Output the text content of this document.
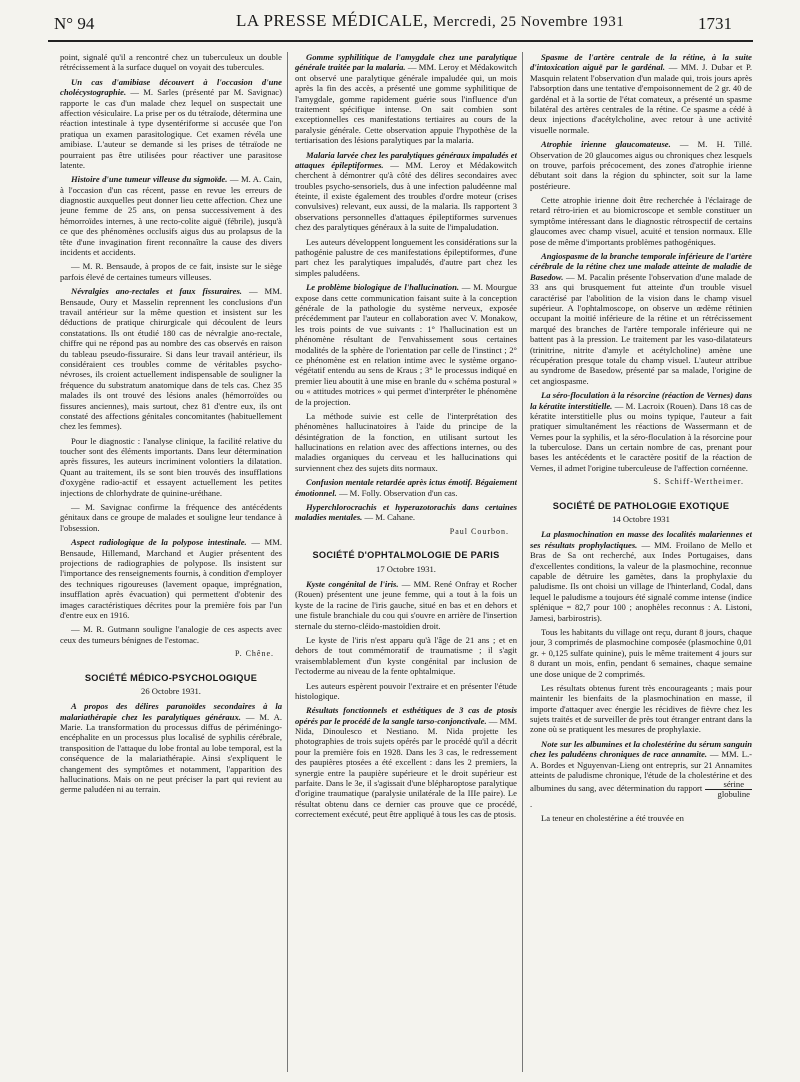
N° 94	LA PRESSE MÉDICALE, Mercredi, 25 Novembre 1931	1731

point, signalé qu'il a rencontré chez un tuberculeux un double rétrécissement à la surface duquel on voyait des tubercules.

Un cas d'amibiase découvert à l'occasion d'une cholécystographie. — M. Sarles (présenté par M. Savignac) rapporte le cas d'un malade chez lequel on suspectait une affection vésiculaire. La prise per os du tétraïode, détermina une réaction intestinale à type dysentériforme si accusée que l'on pratiqua un examen parasitologique. Cet examen révéla une amibiase. L'auteur se demande si les prises de tétraïode ne pourraient pas être utilisées pour réactiver une parasitose latente.

Histoire d'une tumeur villeuse du sigmoïde. — M. A. Cain, à l'occasion d'un cas récent, passe en revue les erreurs de diagnostic auxquelles peut donner lieu cette affection. Chez une jeune femme de 25 ans, on pensa successivement à des hémorroïdes internes, à une recto-colite aiguë (fébrile), jusqu'à ce que des phénomènes occlusifs aigus dus au prolapsus de la tête d'une invagination firent reconnaître la cause des divers incidents et accidents.

— M. R. Bensaude, à propos de ce fait, insiste sur le siège parfois élevé de certaines tumeurs villeuses.

Névralgies ano-rectales et faux fissuraires. — MM. Bensaude, Oury et Masselin reprennent les conclusions d'un travail antérieur sur la même question et insistent sur les déductions de pratique chirurgicale qui découlent de leurs constatations. Ils ont étudié 180 cas de névralgie ano-rectale, chiffre qui ne répond pas au nombre des cas observés en raison du tableau pseudo-fissuraire. Si dans leur travail antérieur, ils considéraient ces troubles comme de véritables psycho-névroses, ils croient actuellement indispensable de souligner la fréquence du substratum anatomique dans de tels cas. Chez 35 malades ils ont trouvé des lésions anales (hémorroïdes ou fissures anciennes), mais surtout, chez 81 d'entre eux, ils ont constaté des affections génitales concomitantes (habituellement chez les femmes).

Pour le diagnostic : l'analyse clinique, la facilité relative du toucher sont des éléments importants. Dans leur détermination après fissures, les auteurs incriminent volontiers la dilatation. Quant au traitement, ils se sont bien trouvés des insufflations d'oxygène radio-actif et essayent actuellement les petites injections de chlorhydrate de quinine-uréthane.

— M. Savignac confirme la fréquence des antécédents génitaux dans ce groupe de malades et souligne leur tendance à l'obsession.

Aspect radiologique de la polypose intestinale. — MM. Bensaude, Hillemand, Marchand et Augier présentent des projections de radiographies de polypose. Ils insistent sur l'importance des renseignements fournis, à condition d'employer des techniques rigoureuses (lavement opaque, imprégnation, insufflation après évacuation) qui permettent d'obtenir des images caractéristiques décrites pour la première fois par l'un d'entre eux en 1916.

— M. R. Gutmann souligne l'analogie de ces aspects avec ceux des tumeurs bénignes de l'estomac.

P. Chêne.
SOCIÉTÉ MÉDICO-PSYCHOLOGIQUE
26 Octobre 1931.

A propos des délires paranoïdes secondaires à la malariathérapie chez les paralytiques généraux. — M. A. Marie. La transformation du processus diffus de périméningo-encéphalite en un processus plus localisé de syphilis cérébrale, transposition de l'attaque du lobe frontal au lobe temporal, est la conséquence de la malariathérapie. Ainsi s'expliquent le changement des symptômes et notamment, l'apparition des hallucinations. Mais on ne peut préciser la part qui revient au germe paludéen ni au terrain.

Gomme syphilitique de l'amygdale chez une paralytique générale traitée par la malaria. — MM. Leroy et Médakowitch ont observé une paralytique générale impaludée qui, un mois après la fin des accès, a présenté une gomme syphilitique de l'amygdale, gomme rapidement guérie sous l'influence d'un traitement spécifique intense. On sait combien sont exceptionnelles ces manifestations tertiaires au cours de la paralysie générale. Cette observation appuie l'hypothèse de la tertiarisation des lésions paralytiques par la malaria.

Malaria larvée chez les paralytiques généraux impaludés et attaques épileptiformes. — MM. Leroy et Médakowitch cherchent à démontrer qu'à côté des délires secondaires avec troubles psycho-sensoriels, dus à une infection paludéenne mal éteinte, il existe également des troubles d'ordre moteur (crises convulsives) relevant, eux aussi, de la malaria. Ils rapportent 3 observations personnelles d'attaques épileptiformes survenues chez des paralytiques généraux à la suite de l'impaludation.

Les auteurs développent longuement les considérations sur la pathogénie palustre de ces manifestations épileptiformes, d'une part chez les paralytiques impaludés, d'autre part chez les simples paludéens.

Le problème biologique de l'hallucination. — M. Mourgue expose dans cette communication faisant suite à la conception générale de la pathologie du système nerveux, exposée précédemment par l'auteur en collaboration avec V. Monakow, les trois points de vue suivants : 1° l'hallucination est un phénomène résultant de l'envahissement sous certaines modalités de la sphère de l'orientation par celle de l'instinct ; 2° ce phénomène est en relation intime avec le système organo-végétatif entendu au sens de Kraus ; 3° le processus indiqué en premier lieu aboutit à une mise en branle du « schéma postural » ou « attitudes motrices » qui permet d'interpréter le phénomène de la projection.

La méthode suivie est celle de l'interprétation des phénomènes hallucinatoires à l'aide du principe de la désintégration de la fonction, en utilisant surtout les hallucinations en relation avec des affections internes, ou des maladies organiques du cerveau et les hallucinations qui surviennent chez des sujets dits normaux.

Confusion mentale retardée après ictus émotif. Bégaiement émotionnel. — M. Folly. Observation d'un cas.

Hyperchlorocrachis et hyperazotorachis dans certaines maladies mentales. — M. Cahane.

Paul Courbon.
SOCIÉTÉ D'OPHTALMOLOGIE DE PARIS
17 Octobre 1931.

Kyste congénital de l'iris. — MM. René Onfray et Rocher (Rouen) présentent une jeune femme, qui a tout à la fois un kyste de la racine de l'iris gauche, situé en bas et en dehors et une fistule branchiale du cou qui s'ouvre en arrière de l'insertion sternale du sterno-cléido-mastoïdien droit.

Le kyste de l'iris n'est apparu qu'à l'âge de 21 ans ; et en dehors de tout commémoratif de traumatisme ; il s'agit vraisemblablement d'un kyste congénital par inclusion de l'ectoderme au niveau de la fente ophtalmique.

Les auteurs espèrent pouvoir l'extraire et en présenter l'étude histologique.

Résultats fonctionnels et esthétiques de 3 cas de ptosis opérés par le procédé de la sangle tarso-conjonctivale. — MM. Nida, Dinoulesco et Nestiano. M. Nida projette les photographies de trois sujets opérés par le procédé qu'il a décrit pour la première fois en 1928. Dans les 3 cas, le redressement des paupières ptosées a été excellent : dans les 2 premiers, la synergie entre la paupière supérieure et le droit supérieur est parfaite. Dans le 3e, il s'agissait d'une blépharoptose paralytique d'origine traumatique (paralysie unilatérale de la IIIe paire). Le résultat obtenu dans ce dernier cas prouve que ce procédé, correctement exécuté, peut être appliqué à tous les cas de ptosis.

Spasme de l'artère centrale de la rétine, à la suite d'intoxication aiguë par le gardénal. — MM. J. Dubar et P. Masquin relatent l'observation d'un malade qui, trois jours après l'absorption dans une tentative d'empoisonnement de 2 gr. 40 de gardénal et à la sortie de l'état comateux, a présenté un spasme bilatéral des artères centrales de la rétine. Ce spasme a cédé à deux injections d'acétylcholine, avec retour à une activité visuelle normale.

Atrophie irienne glaucomateuse. — M. H. Tillé. Observation de 20 glaucomes aigus ou chroniques chez lesquels on trouve, parfois précocement, des zones d'atrophie irienne débutant soit dans la région du sphincter, soit sur la lame postérieure.

Cette atrophie irienne doit être recherchée à l'éclairage de retard rétro-irien et au biomicroscope et semble constituer un symptôme intéressant dans le diagnostic rétrospectif de certains glaucomes avec champ visuel, acuité et tension normaux. Elle pose de même d'importants problèmes pathogéniques.

Angiospasme de la branche temporale inférieure de l'artère cérébrale de la rétine chez une malade atteinte de maladie de Basedow. — M. Pacalin présente l'observation d'une malade de 33 ans qui brusquement fut atteinte d'un trouble visuel caractérisé par l'abolition de la vision dans le champ visuel supérieur. A l'ophtalmoscope, on observe un œdème rétinien occupant la moitié inférieure de la rétine et un rétrécissement marqué des branches de l'artère temporale inférieure qui ne battent pas à la pression. Le traitement par les vaso-dilatateurs (trinitrine, nitrite d'amyle et acétylcholine) amène une récupération presque totale du champ visuel. L'auteur attribue au syndrome de Basedow, présenté par sa malade, l'origine de cet angiospasme.

La séro-floculation à la résorcine (réaction de Vernes) dans la kératite interstitielle. — M. Lacroix (Rouen). Dans 18 cas de kératite interstitielle plus ou moins typique, l'auteur a fait pratiquer simultanément les réactions de Wassermann et de Vernes pour la syphilis, et la séro-floculation à la résorcine pour la tuberculose. Dans un certain nombre de cas, prenant pour bases les antécédents et le caractère positif de la réaction de Vernes, il admet l'origine tuberculeuse de l'affection cornéenne.

S. Schiff-Wertheimer.
SOCIÉTÉ DE PATHOLOGIE EXOTIQUE
14 Octobre 1931

La plasmochination en masse des localités malariennes et ses résultats prophylactiques. — MM. Froilano de Mello et Bras de Sa ont recherché, aux Indes Portugaises, dans d'excellentes conditions, la valeur de la plasmochine, reconnue capable de détruire les gamètes, dans la prophylaxie du paludisme. Ils ont choisi un village de l'hinterland, Codal, dans lequel le paludisme a toujours été signalé comme intense (indice splénique = 82,7 pour 100 ; anophèles reconnus : A. Listoni, Jamesi, barbirostris).

Tous les habitants du village ont reçu, durant 8 jours, chaque jour, 3 comprimés de plasmochine composée (plasmochine 0,01 gr. + 0,125 sulfate quinine), puis le même traitement 4 jours sur 8 durant un mois, enfin, pendant 6 semaines, chaque semaine une dose unique de 2 comprimés.

Les résultats obtenus furent très encourageants ; mais pour maintenir les bienfaits de la plasmochination en masse, il importe d'attaquer avec énergie les récidives de fièvre chez les sujets traités et de surveiller de près tout étranger entrant dans la zone où se pratiquent les mesures de prophylaxie.

Note sur les albumines et la cholestérine du sérum sanguin chez les paludéens chroniques de race annamite. — MM. L.-A. Bordes et Nguyenvan-Lieng ont entrepris, sur 21 Annamites atteints de paludisme chronique, l'étude de la cholestérine et des albumines du sang, avec détermination du rapport $\frac{\text{sérine}}{\text{globuline}}$
.

La teneur en cholestérine a été trouvée en
